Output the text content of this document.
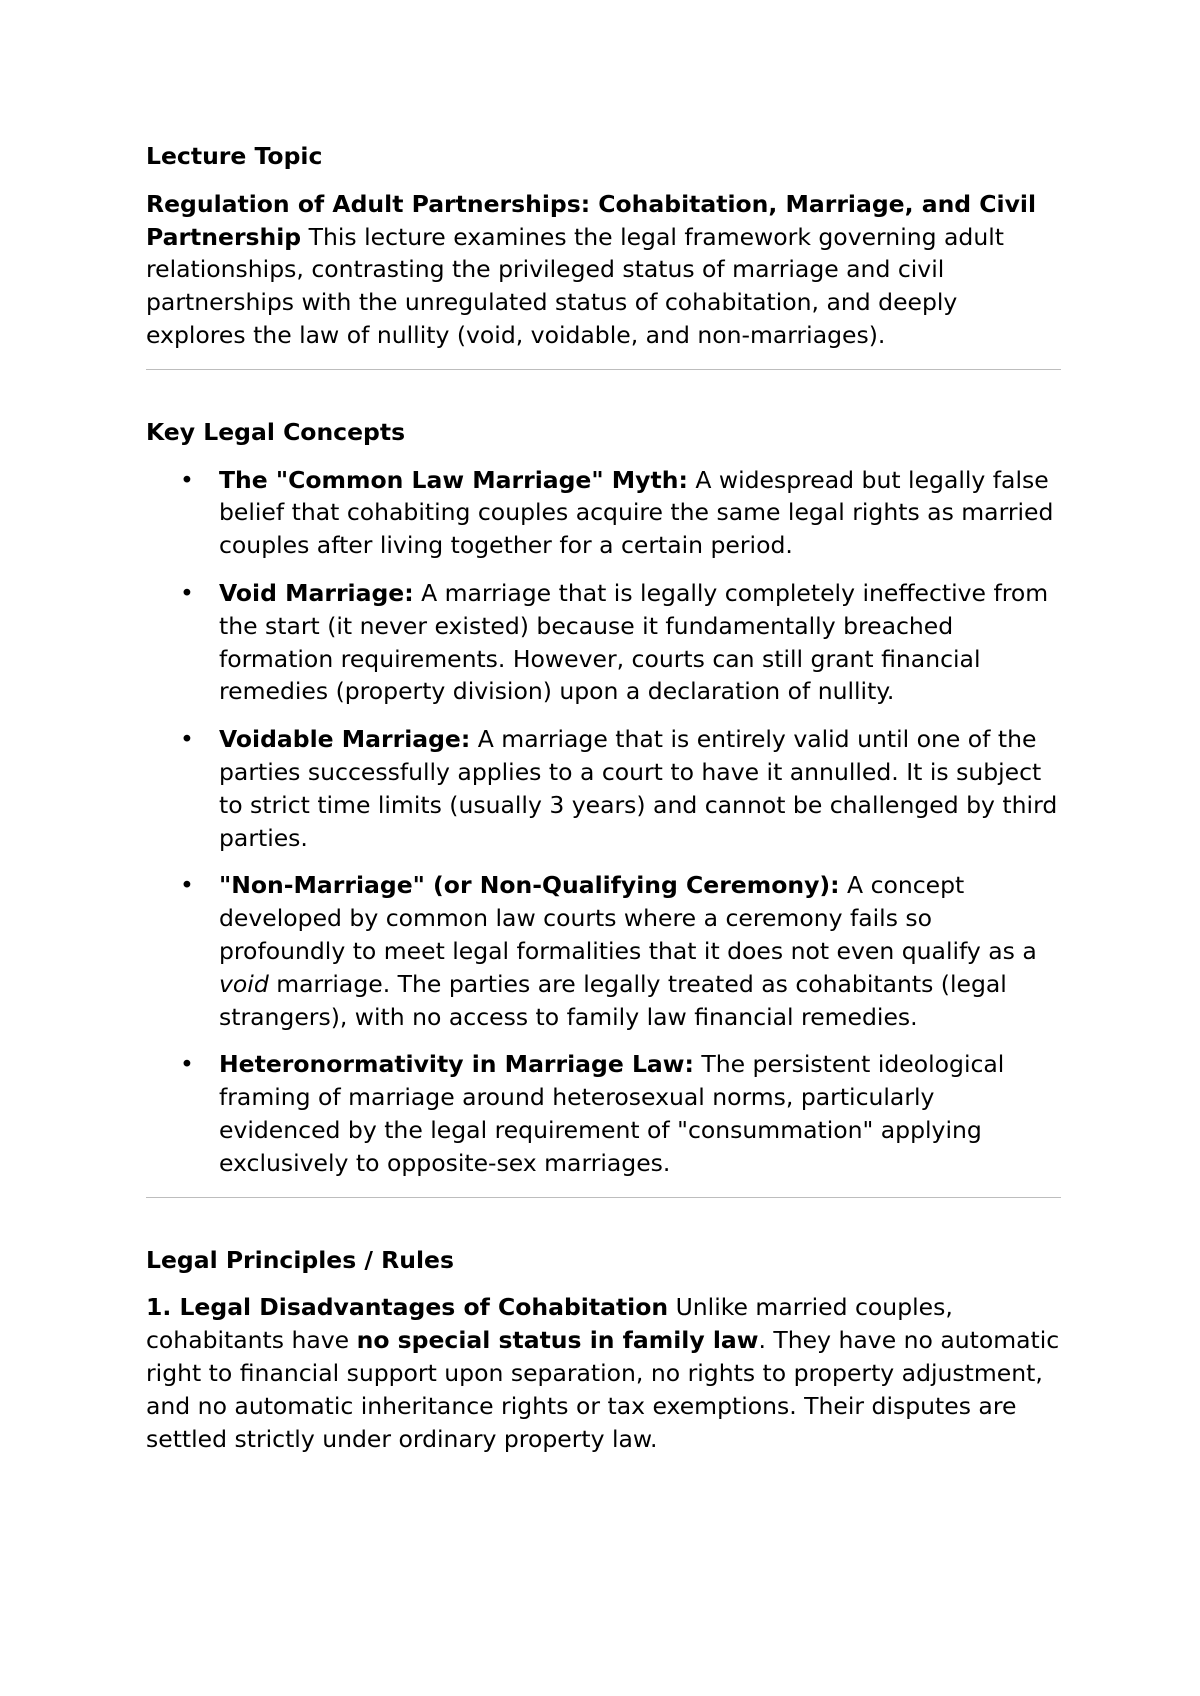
Lecture Topic

Regulation of Adult Partnerships: Cohabitation, Marriage, and Civil Partnership This lecture examines the legal framework governing adult relationships, contrasting the privileged status of marriage and civil partnerships with the unregulated status of cohabitation, and deeply explores the law of nullity (void, voidable, and non-marriages).

Key Legal Concepts
• The "Common Law Marriage" Myth: A widespread but legally false belief that cohabiting couples acquire the same legal rights as married couples after living together for a certain period.
• Void Marriage: A marriage that is legally completely ineffective from the start (it never existed) because it fundamentally breached formation requirements. However, courts can still grant financial remedies (property division) upon a declaration of nullity.
• Voidable Marriage: A marriage that is entirely valid until one of the parties successfully applies to a court to have it annulled. It is subject to strict time limits (usually 3 years) and cannot be challenged by third parties.
• "Non-Marriage" (or Non-Qualifying Ceremony): A concept developed by common law courts where a ceremony fails so profoundly to meet legal formalities that it does not even qualify as a void marriage. The parties are legally treated as cohabitants (legal strangers), with no access to family law financial remedies.
• Heteronormativity in Marriage Law: The persistent ideological framing of marriage around heterosexual norms, particularly evidenced by the legal requirement of "consummation" applying exclusively to opposite-sex marriages.
Legal Principles / Rules

1. Legal Disadvantages of Cohabitation Unlike married couples, cohabitants have no special status in family law. They have no automatic right to financial support upon separation, no rights to property adjustment, and no automatic inheritance rights or tax exemptions. Their disputes are settled strictly under ordinary property law.
